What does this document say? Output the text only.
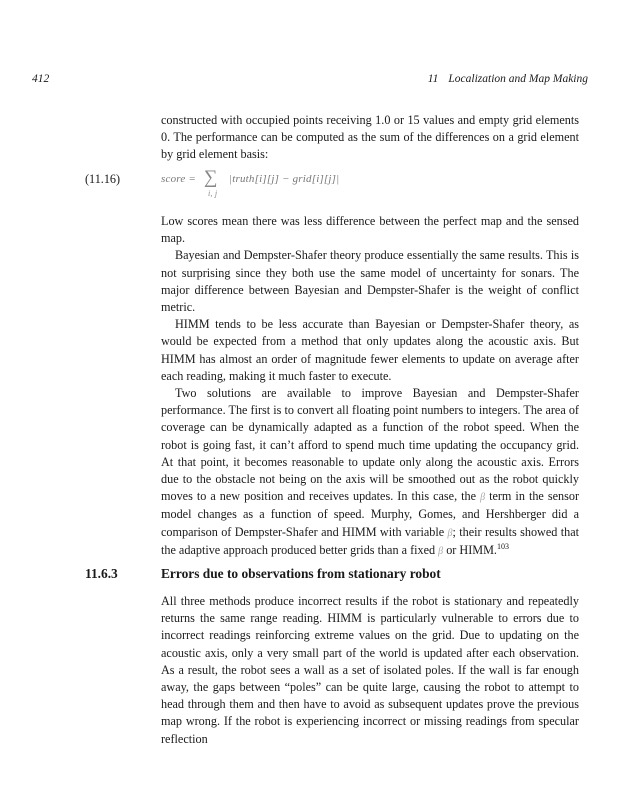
412	11 Localization and Map Making

constructed with occupied points receiving 1.0 or 15 values and empty grid elements 0. The performance can be computed as the sum of the differences on a grid element by grid element basis:

(11.16)	score = ∑
i, j
|truth[i][j] − grid[i][j]|

Low scores mean there was less difference between the perfect map and the sensed map.

Bayesian and Dempster-Shafer theory produce essentially the same results. This is not surprising since they both use the same model of uncertainty for sonars. The major difference between Bayesian and Dempster-Shafer is the weight of conflict metric.

HIMM tends to be less accurate than Bayesian or Dempster-Shafer theory, as would be expected from a method that only updates along the acoustic axis. But HIMM has almost an order of magnitude fewer elements to update on average after each reading, making it much faster to execute.

Two solutions are available to improve Bayesian and Dempster-Shafer performance. The first is to convert all floating point numbers to integers. The area of coverage can be dynamically adapted as a function of the robot speed. When the robot is going fast, it can’t afford to spend much time updating the occupancy grid. At that point, it becomes reasonable to update only along the acoustic axis. Errors due to the obstacle not being on the axis will be smoothed out as the robot quickly moves to a new position and receives updates. In this case, the β term in the sensor model changes as a function of speed. Murphy, Gomes, and Hershberger did a comparison of Dempster-Shafer and HIMM with variable β; their results showed that the adaptive approach produced better grids than a fixed β or HIMM.$^{103}$

11.6.3	Errors due to observations from stationary robot

All three methods produce incorrect results if the robot is stationary and repeatedly returns the same range reading. HIMM is particularly vulnerable to errors due to incorrect readings reinforcing extreme values on the grid. Due to updating on the acoustic axis, only a very small part of the world is updated after each observation. As a result, the robot sees a wall as a set of isolated poles. If the wall is far enough away, the gaps between “poles” can be quite large, causing the robot to attempt to head through them and then have to avoid as subsequent updates prove the previous map wrong. If the robot is experiencing incorrect or missing readings from specular reflection
